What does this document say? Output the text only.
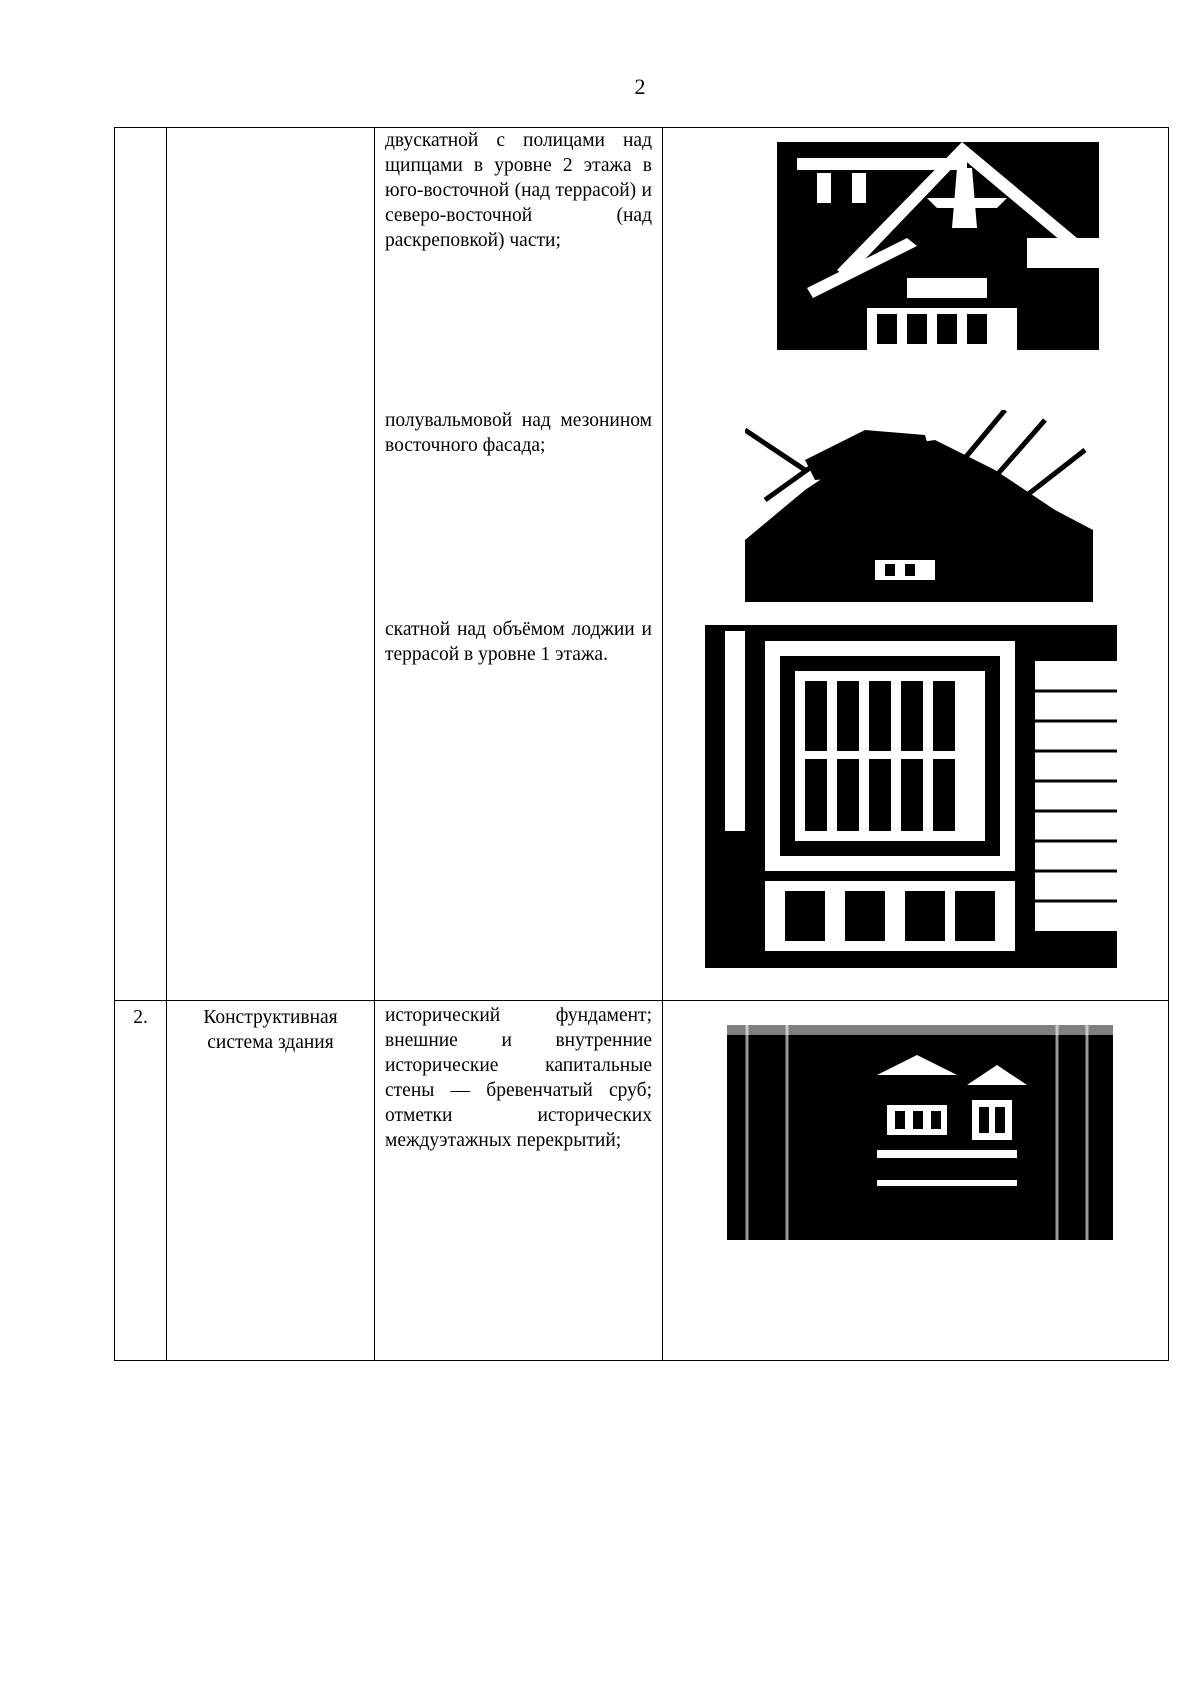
2

		двускатной с полицами над щипцами в уровне 2 этажа в юго-восточной (над террасой) и северо-восточной (над раскреповкой) части;
полувальмовой над мезонином восточного фасада;
скатной над объёмом лоджии и террасой в уровне 1 этажа.

2.	Конструктивная система здания	исторический фундамент; внешние и внутренние исторические капитальные стены — бревенчатый сруб; отметки исторических междуэтажных перекрытий;
